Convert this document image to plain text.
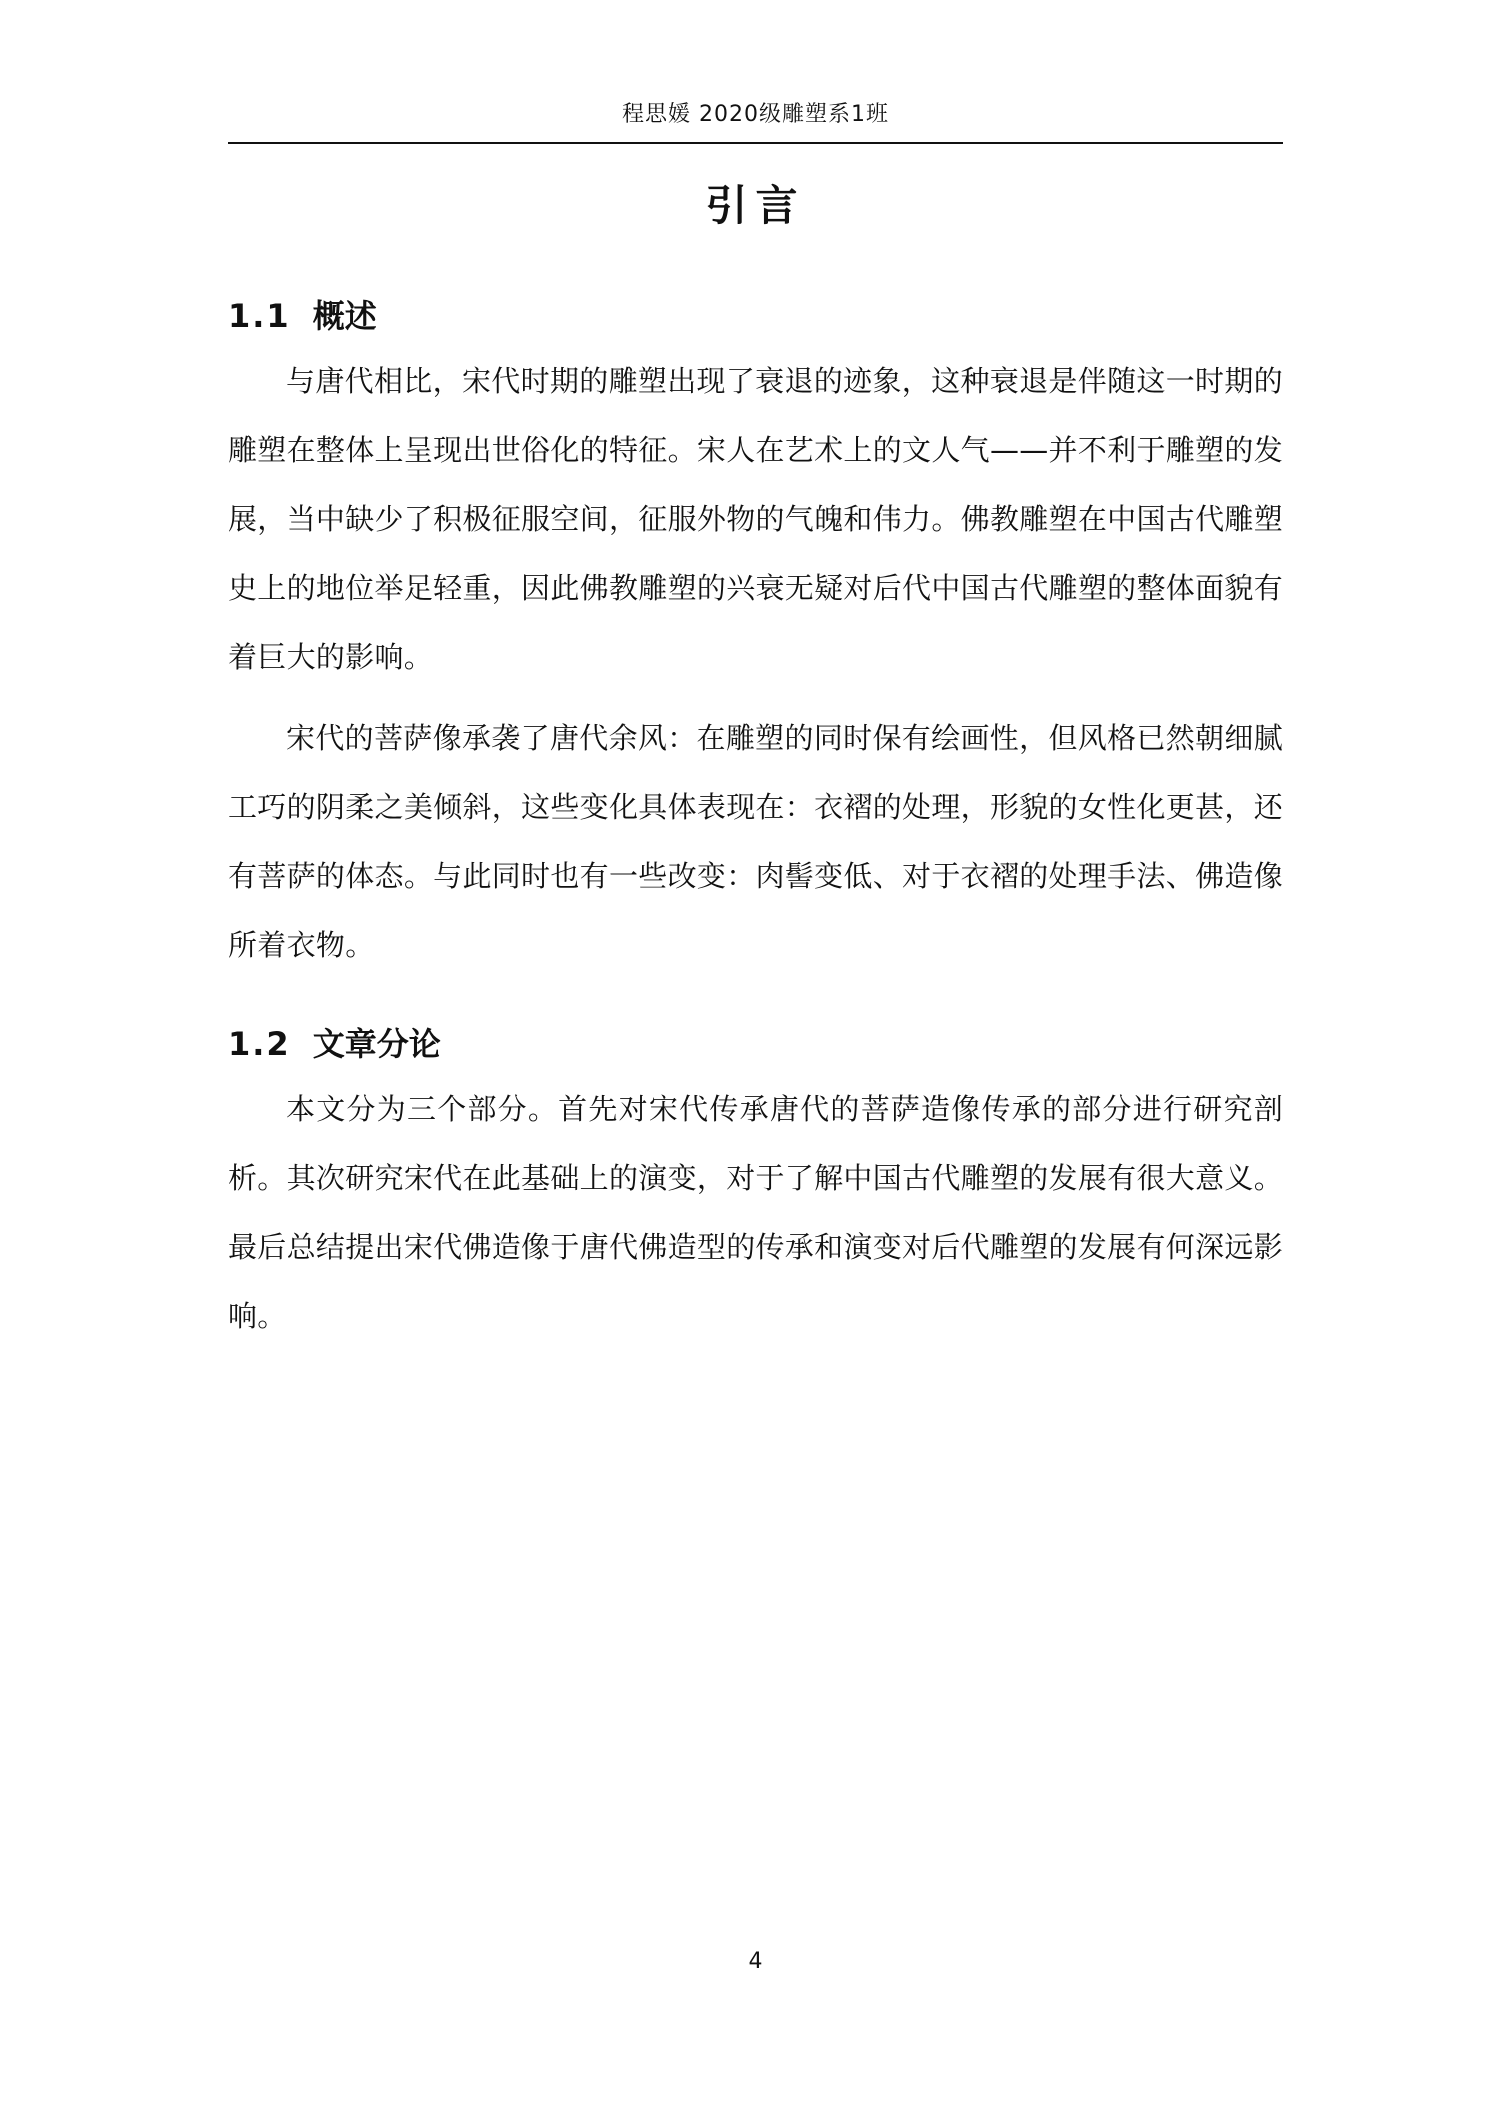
程思媛 2020级雕塑系1班
引言
1.1 概述

与唐代相比，宋代时期的雕塑出现了衰退的迹象，这种衰退是伴随这一时期的雕塑在整体上呈现出世俗化的特征。宋人在艺术上的文人气——并不利于雕塑的发展，当中缺少了积极征服空间，征服外物的气魄和伟力。佛教雕塑在中国古代雕塑史上的地位举足轻重，因此佛教雕塑的兴衰无疑对后代中国古代雕塑的整体面貌有着巨大的影响。

宋代的菩萨像承袭了唐代余风：在雕塑的同时保有绘画性，但风格已然朝细腻工巧的阴柔之美倾斜，这些变化具体表现在：衣褶的处理，形貌的女性化更甚，还有菩萨的体态。与此同时也有一些改变：肉髻变低、对于衣褶的处理手法、佛造像所着衣物。

1.2 文章分论

本文分为三个部分。首先对宋代传承唐代的菩萨造像传承的部分进行研究剖析。其次研究宋代在此基础上的演变，对于了解中国古代雕塑的发展有很大意义。最后总结提出宋代佛造像于唐代佛造型的传承和演变对后代雕塑的发展有何深远影响。

4
